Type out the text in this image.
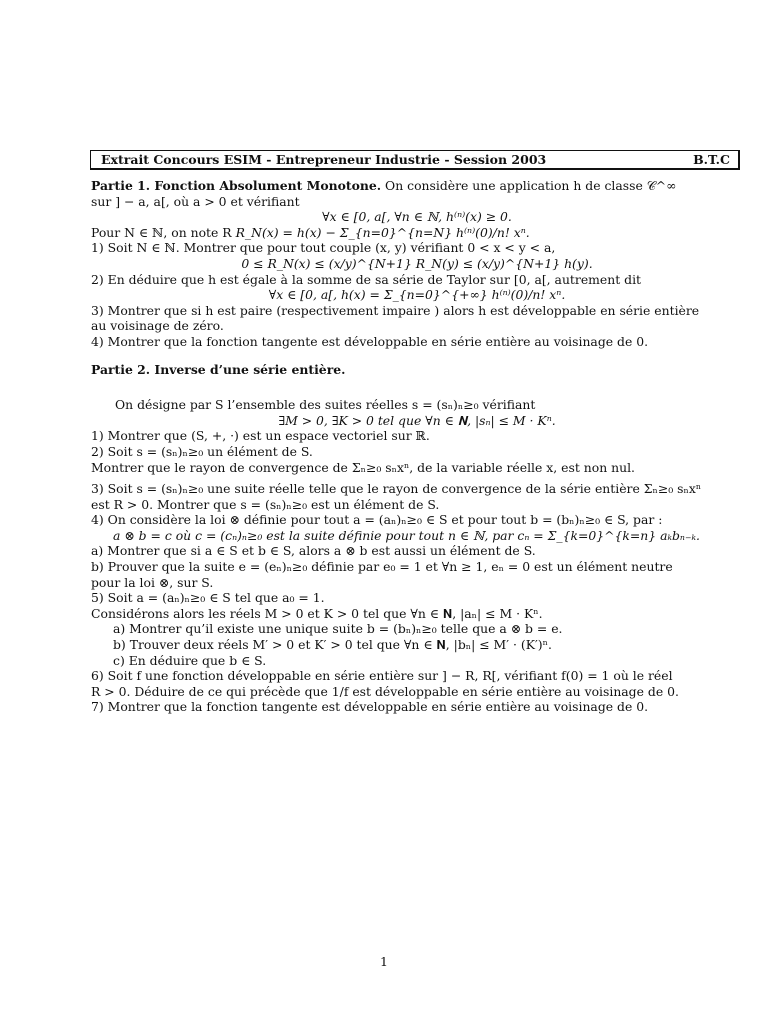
Extrait Concours ESIM - Entrepreneur Industrie - Session 2003	B.T.C

Partie 1. Fonction Absolument Monotone. On considère une application h de classe 𝒞^∞

sur ] − a, a[, où a > 0 et vérifiant

∀x ∈ [0, a[, ∀n ∈ ℕ, h⁽ⁿ⁾(x) ≥ 0.

Pour N ∈ ℕ, on note R R_N(x) = h(x) − Σ_{n=0}^{n=N} h⁽ⁿ⁾(0)/n! xⁿ.

1) Soit N ∈ ℕ. Montrer que pour tout couple (x, y) vérifiant 0 < x < y < a,

0 ≤ R_N(x) ≤ (x/y)^{N+1} R_N(y) ≤ (x/y)^{N+1} h(y).

2) En déduire que h est égale à la somme de sa série de Taylor sur [0, a[, autrement dit

∀x ∈ [0, a[, h(x) = Σ_{n=0}^{+∞} h⁽ⁿ⁾(0)/n! xⁿ.

3) Montrer que si h est paire (respectivement impaire ) alors h est développable en série entière

au voisinage de zéro.

4) Montrer que la fonction tangente est développable en série entière au voisinage de 0.

Partie 2. Inverse d’une série entière.

On désigne par S l’ensemble des suites réelles s = (sₙ)ₙ≥₀ vérifiant

∃M > 0, ∃K > 0 tel que ∀n ∈ 𝐍, |sₙ| ≤ M · Kⁿ.

1) Montrer que (S, +, ·) est un espace vectoriel sur ℝ.

2) Soit s = (sₙ)ₙ≥₀ un élément de S.

Montrer que le rayon de convergence de Σₙ≥₀ sₙxⁿ, de la variable réelle x, est non nul.

3) Soit s = (sₙ)ₙ≥₀ une suite réelle telle que le rayon de convergence de la série entière Σₙ≥₀ sₙxⁿ

est R > 0. Montrer que s = (sₙ)ₙ≥₀ est un élément de S.

4) On considère la loi ⊗ définie pour tout a = (aₙ)ₙ≥₀ ∈ S et pour tout b = (bₙ)ₙ≥₀ ∈ S, par :

a ⊗ b = c où c = (cₙ)ₙ≥₀ est la suite définie pour tout n ∈ ℕ, par cₙ = Σ_{k=0}^{k=n} aₖbₙ₋ₖ.

a) Montrer que si a ∈ S et b ∈ S, alors a ⊗ b est aussi un élément de S.

b) Prouver que la suite e = (eₙ)ₙ≥₀ définie par e₀ = 1 et ∀n ≥ 1, eₙ = 0 est un élément neutre

pour la loi ⊗, sur S.

5) Soit a = (aₙ)ₙ≥₀ ∈ S tel que a₀ = 1.

Considérons alors les réels M > 0 et K > 0 tel que ∀n ∈ 𝐍, |aₙ| ≤ M · Kⁿ.

a) Montrer qu’il existe une unique suite b = (bₙ)ₙ≥₀ telle que a ⊗ b = e.

b) Trouver deux réels M′ > 0 et K′ > 0 tel que ∀n ∈ 𝐍, |bₙ| ≤ M′ · (K′)ⁿ.

c) En déduire que b ∈ S.

6) Soit f une fonction développable en série entière sur ] − R, R[, vérifiant f(0) = 1 où le réel

R > 0. Déduire de ce qui précède que 1/f est développable en série entière au voisinage de 0.

7) Montrer que la fonction tangente est développable en série entière au voisinage de 0.

1
